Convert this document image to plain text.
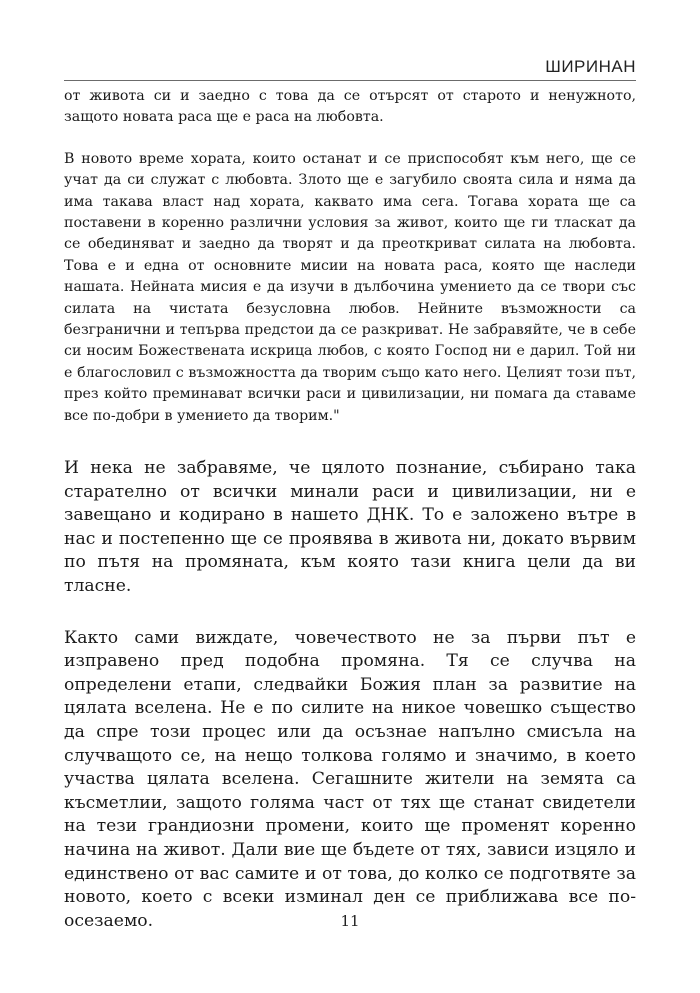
ШИРИНАН

от живота си и заедно с това да се отърсят от старото и ненужното, защото новата раса ще е раса на любовта.

В новото време хората, които останат и се приспособят към него, ще се учат да си служат с любовта. Злото ще е загубило своята сила и няма да има такава власт над хората, каквато има сега. Тогава хората ще са поставени в коренно различни условия за живот, които ще ги тласкат да се обединяват и заедно да творят и да преоткриват силата на любовта. Това е и една от основните мисии на новата раса, която ще наследи нашата. Нейната мисия е да изучи в дълбочина умението да се твори със силата на чистата безусловна любов. Нейните възможности са безгранични и тепърва предстои да се разкриват. Не забравяйте, че в себе си носим Божествената искрица любов, с която Господ ни е дарил. Той ни е благословил с възможността да творим също като него. Целият този път, през който преминават всички раси и цивилизации, ни помага да ставаме все по-добри в умението да творим."

И нека не забравяме, че цялото познание, събирано така старателно от всички минали раси и цивилизации, ни е завещано и кодирано в нашето ДНК. То е заложено вътре в нас и постепенно ще се проявява в живота ни, докато вървим по пътя на промяната, към която тази книга цели да ви тласне.

Както сами виждате, човечеството не за първи път е изправено пред подобна промяна. Тя се случва на определени етапи, следвайки Божия план за развитие на цялата вселена. Не е по силите на никое човешко същество да спре този процес или да осъзнае напълно смисъла на случващото се, на нещо толкова голямо и значимо, в което участва цялата вселена. Сегашните жители на земята са късметлии, защото голяма част от тях ще станат свидетели на тези грандиозни промени, които ще променят коренно начина на живот. Дали вие ще бъдете от тях, зависи изцяло и единствено от вас самите и от това, до колко се подготвяте за новото, което с всеки изминал ден се приближава все по-осезаемо.	11
